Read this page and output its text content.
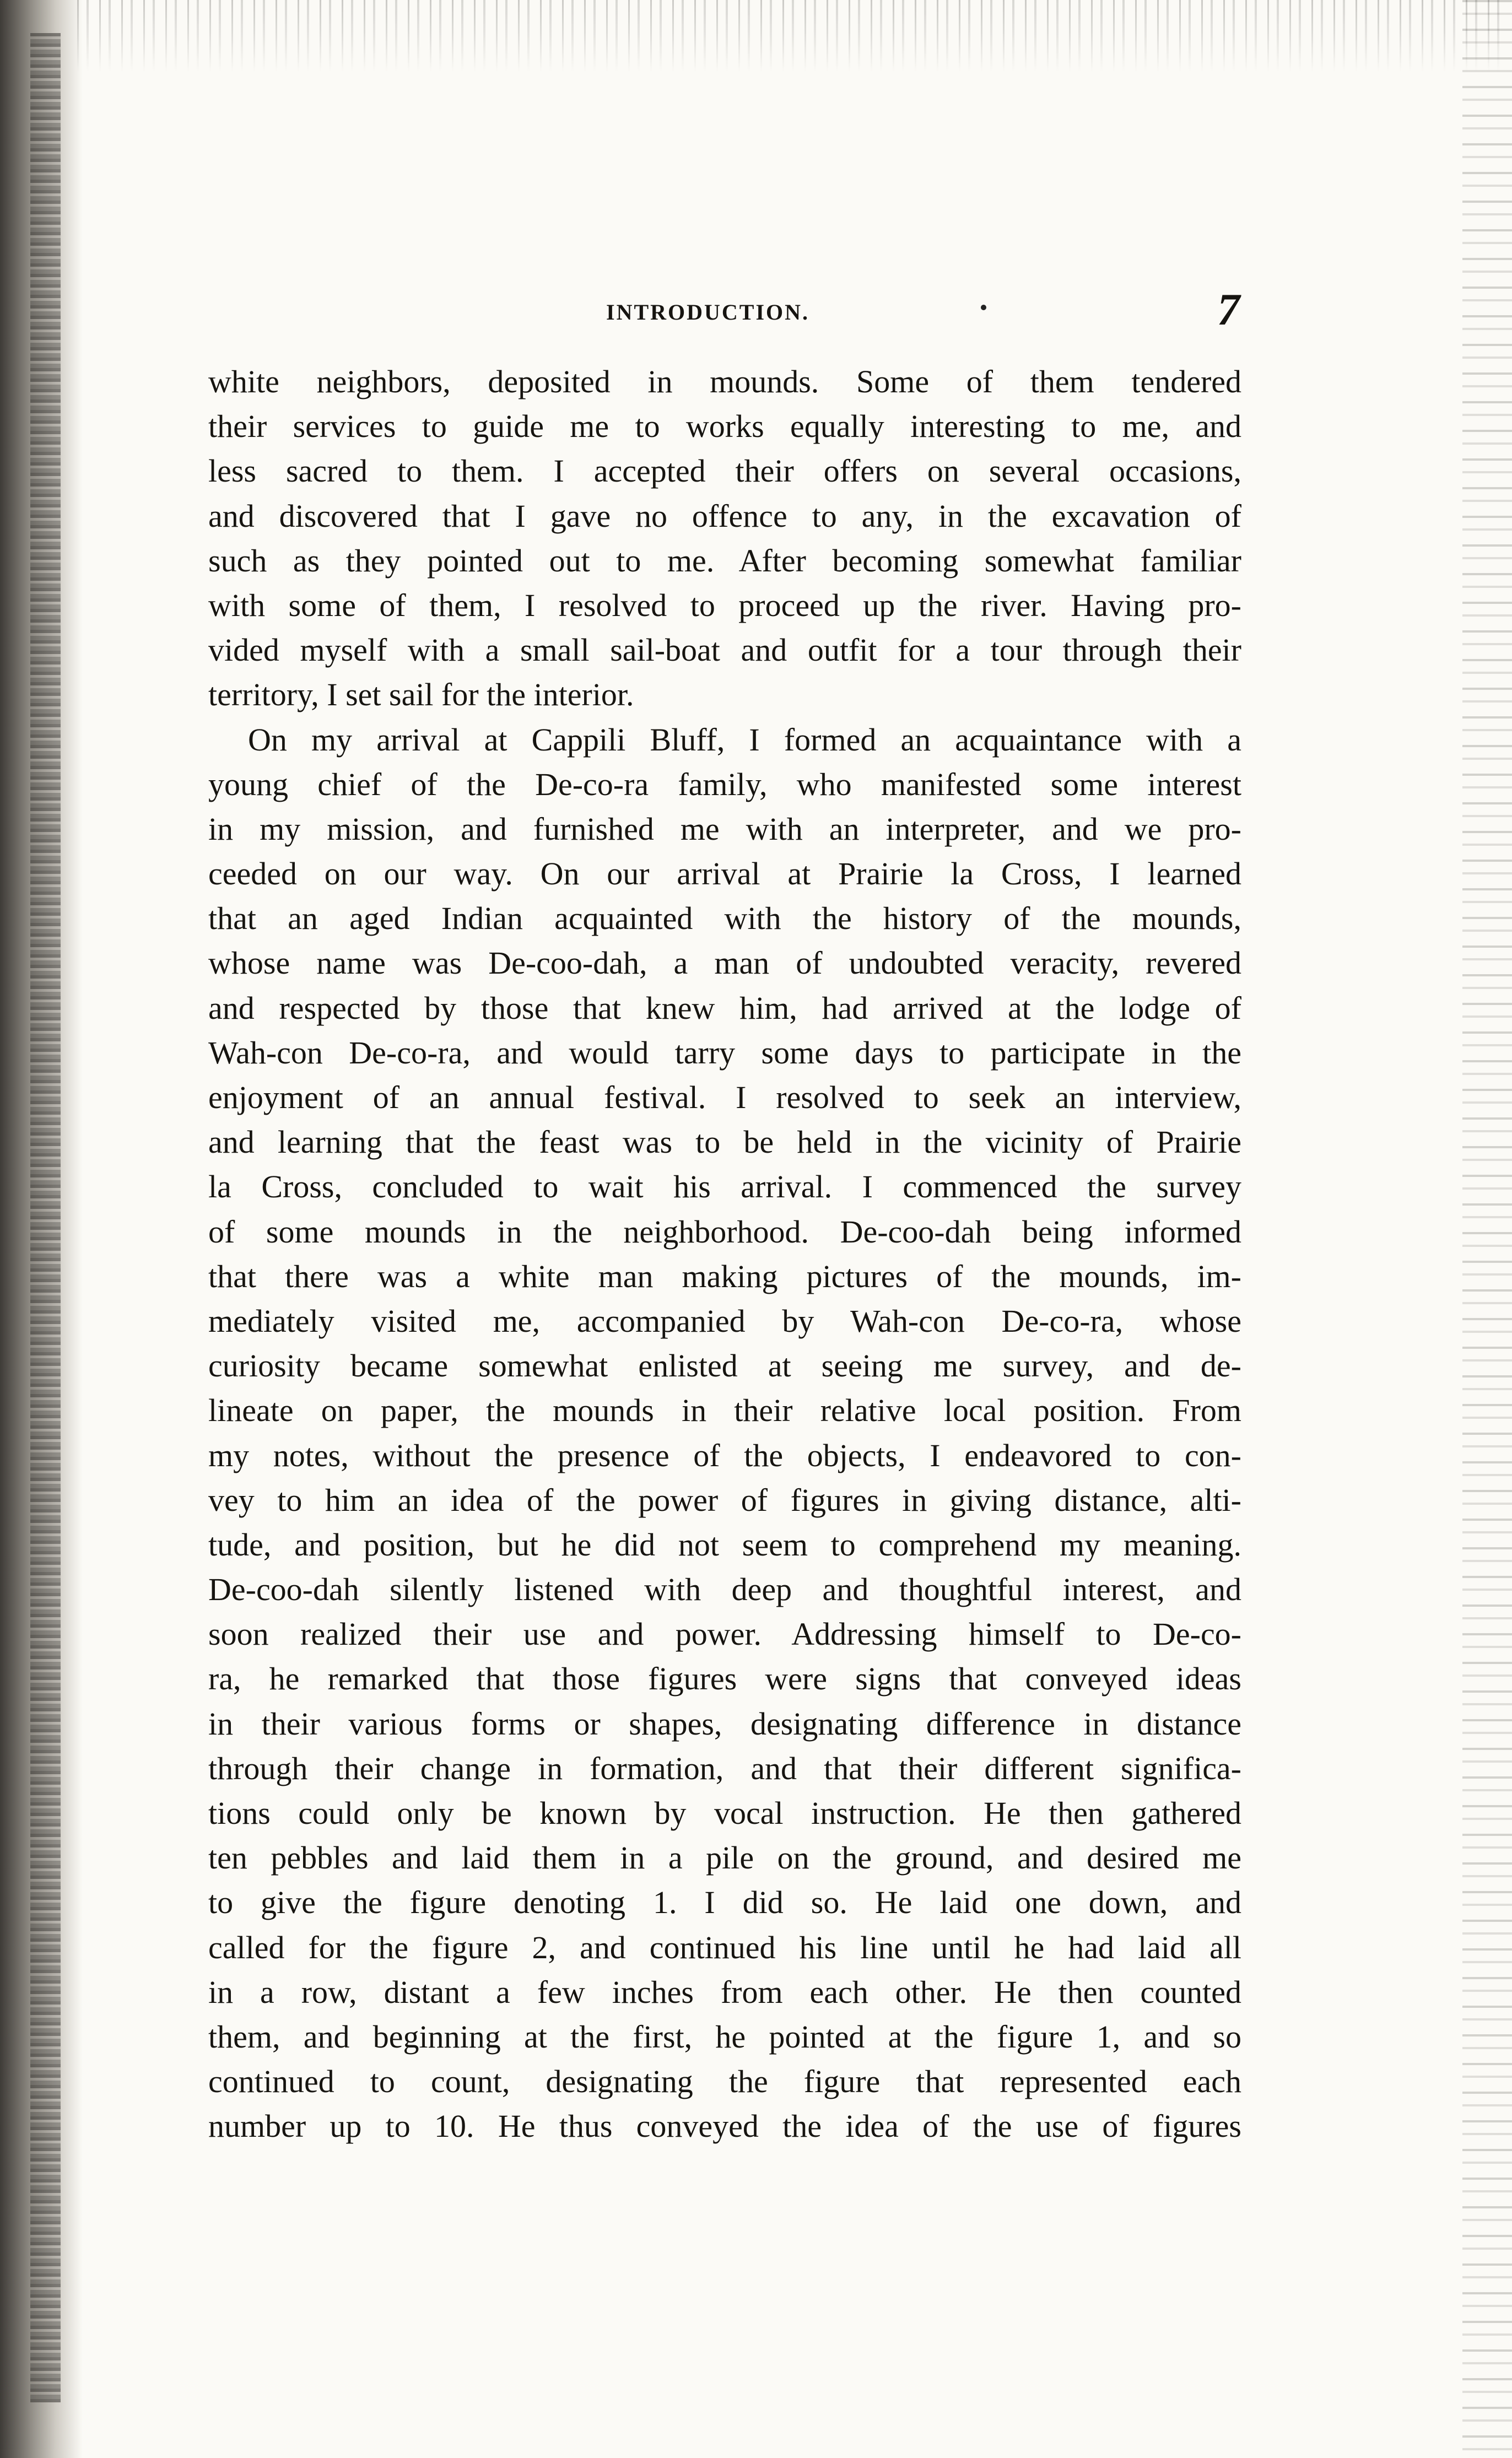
INTRODUCTION.	7
white neighbors, deposited in mounds. Some of them tendered
their services to guide me to works equally interesting to me, and
less sacred to them. I accepted their offers on several occasions,
and discovered that I gave no offence to any, in the excavation of
such as they pointed out to me. After becoming somewhat familiar
with some of them, I resolved to proceed up the river. Having pro-
vided myself with a small sail-boat and outfit for a tour through their
territory, I set sail for the interior.
On my arrival at Cappili Bluff, I formed an acquaintance with a
young chief of the De-co-ra family, who manifested some interest
in my mission, and furnished me with an interpreter, and we pro-
ceeded on our way. On our arrival at Prairie la Cross, I learned
that an aged Indian acquainted with the history of the mounds,
whose name was De-coo-dah, a man of undoubted veracity, revered
and respected by those that knew him, had arrived at the lodge of
Wah-con De-co-ra, and would tarry some days to participate in the
enjoyment of an annual festival. I resolved to seek an interview,
and learning that the feast was to be held in the vicinity of Prairie
la Cross, concluded to wait his arrival. I commenced the survey
of some mounds in the neighborhood. De-coo-dah being informed
that there was a white man making pictures of the mounds, im-
mediately visited me, accompanied by Wah-con De-co-ra, whose
curiosity became somewhat enlisted at seeing me survey, and de-
lineate on paper, the mounds in their relative local position. From
my notes, without the presence of the objects, I endeavored to con-
vey to him an idea of the power of figures in giving distance, alti-
tude, and position, but he did not seem to comprehend my meaning.
De-coo-dah silently listened with deep and thoughtful interest, and
soon realized their use and power. Addressing himself to De-co-
ra, he remarked that those figures were signs that conveyed ideas
in their various forms or shapes, designating difference in distance
through their change in formation, and that their different significa-
tions could only be known by vocal instruction. He then gathered
ten pebbles and laid them in a pile on the ground, and desired me
to give the figure denoting 1. I did so. He laid one down, and
called for the figure 2, and continued his line until he had laid all
in a row, distant a few inches from each other. He then counted
them, and beginning at the first, he pointed at the figure 1, and so
continued to count, designating the figure that represented each
number up to 10. He thus conveyed the idea of the use of figures
